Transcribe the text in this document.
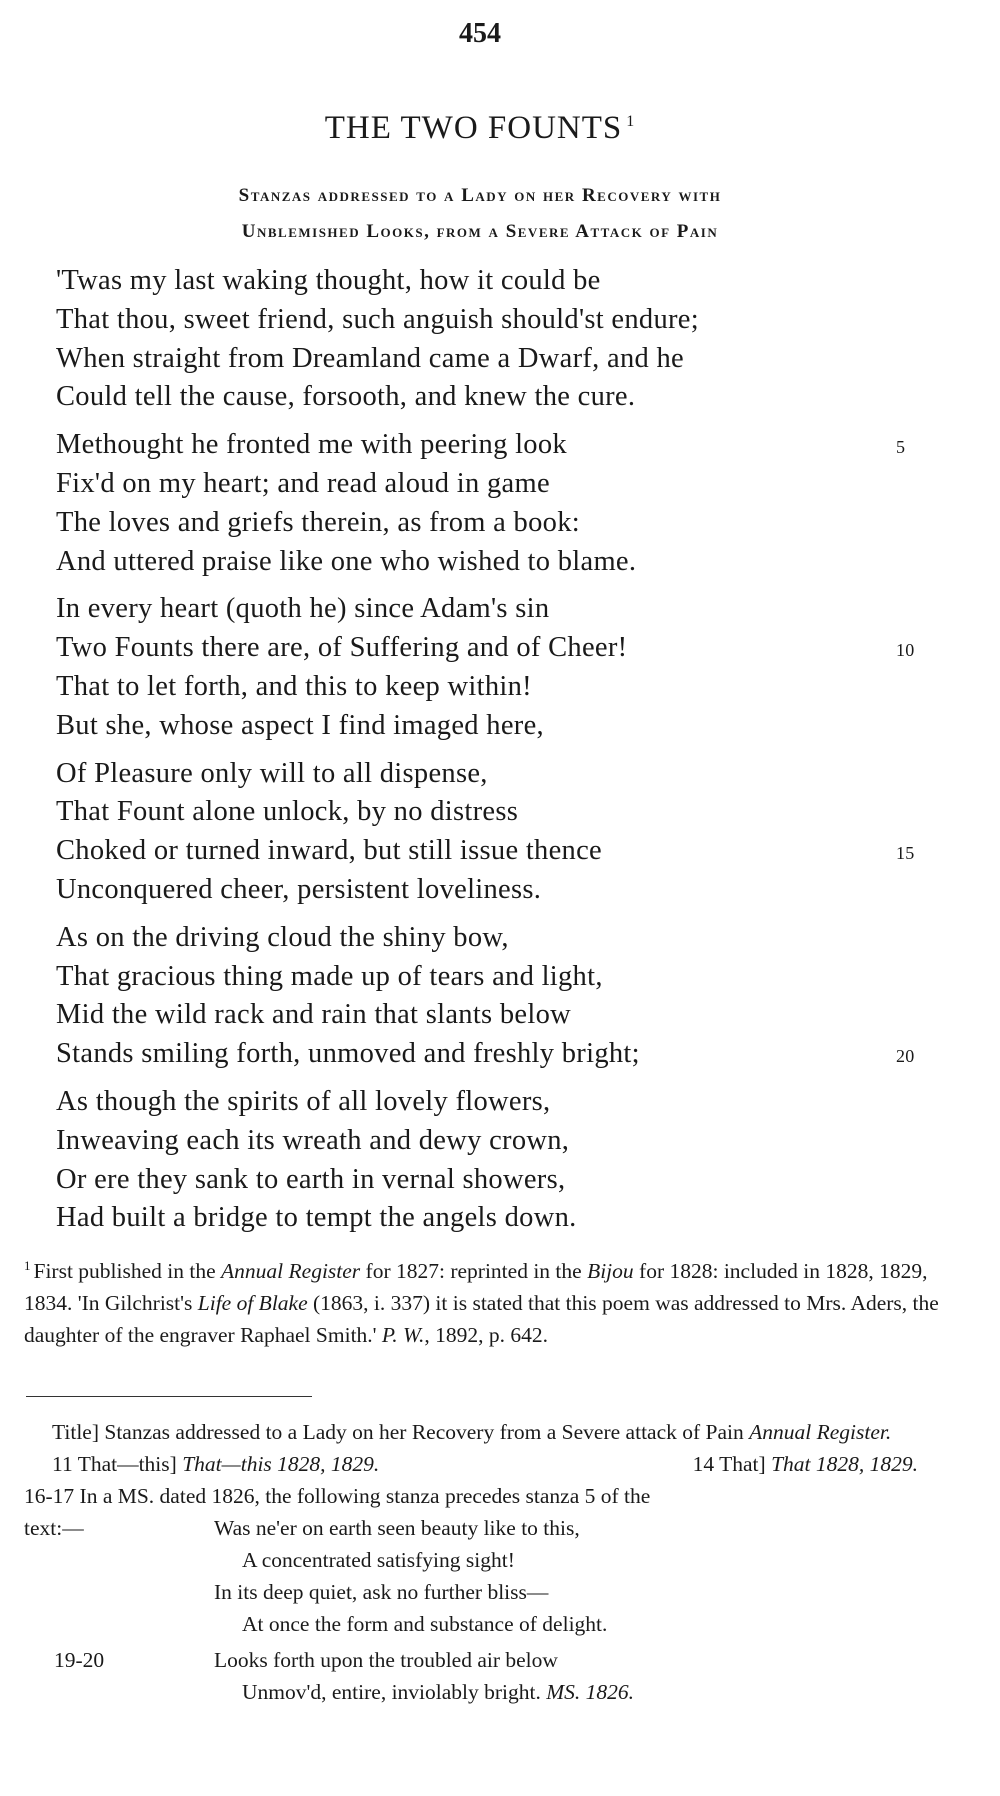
454
THE TWO FOUNTS $^1$
Stanzas addressed to a Lady on her Recovery with
Unblemished Looks, from a Severe Attack of Pain
'Twas my last waking thought, how it could be
That thou, sweet friend, such anguish should'st endure;
When straight from Dreamland came a Dwarf, and he
Could tell the cause, forsooth, and knew the cure.
Methought he fronted me with peering look	5
Fix'd on my heart; and read aloud in game
The loves and griefs therein, as from a book:
And uttered praise like one who wished to blame.
In every heart (quoth he) since Adam's sin
Two Founts there are, of Suffering and of Cheer!	10
That to let forth, and this to keep within!
But she, whose aspect I find imaged here,
Of Pleasure only will to all dispense,
That Fount alone unlock, by no distress
Choked or turned inward, but still issue thence	15
Unconquered cheer, persistent loveliness.
As on the driving cloud the shiny bow,
That gracious thing made up of tears and light,
Mid the wild rack and rain that slants below
Stands smiling forth, unmoved and freshly bright;	20
As though the spirits of all lovely flowers,
Inweaving each its wreath and dewy crown,
Or ere they sank to earth in vernal showers,
Had built a bridge to tempt the angels down.
$^1$ First published in the Annual Register for 1827: reprinted in the Bijou for 1828: included in 1828, 1829, 1834. 'In Gilchrist's Life of Blake (1863, i. 337) it is stated that this poem was addressed to Mrs. Aders, the daughter of the engraver Raphael Smith.' P. W., 1892, p. 642.
Title] Stanzas addressed to a Lady on her Recovery from a Severe attack of Pain Annual Register.
11 That—this] That—this 1828, 1829.	14 That] That 1828, 1829.
16-17 In a MS. dated 1826, the following stanza precedes stanza 5 of the
text:—	Was ne'er on earth seen beauty like to this,
A concentrated satisfying sight!
In its deep quiet, ask no further bliss—
At once the form and substance of delight.
19-20	Looks forth upon the troubled air below
Unmov'd, entire, inviolably bright. MS. 1826.
